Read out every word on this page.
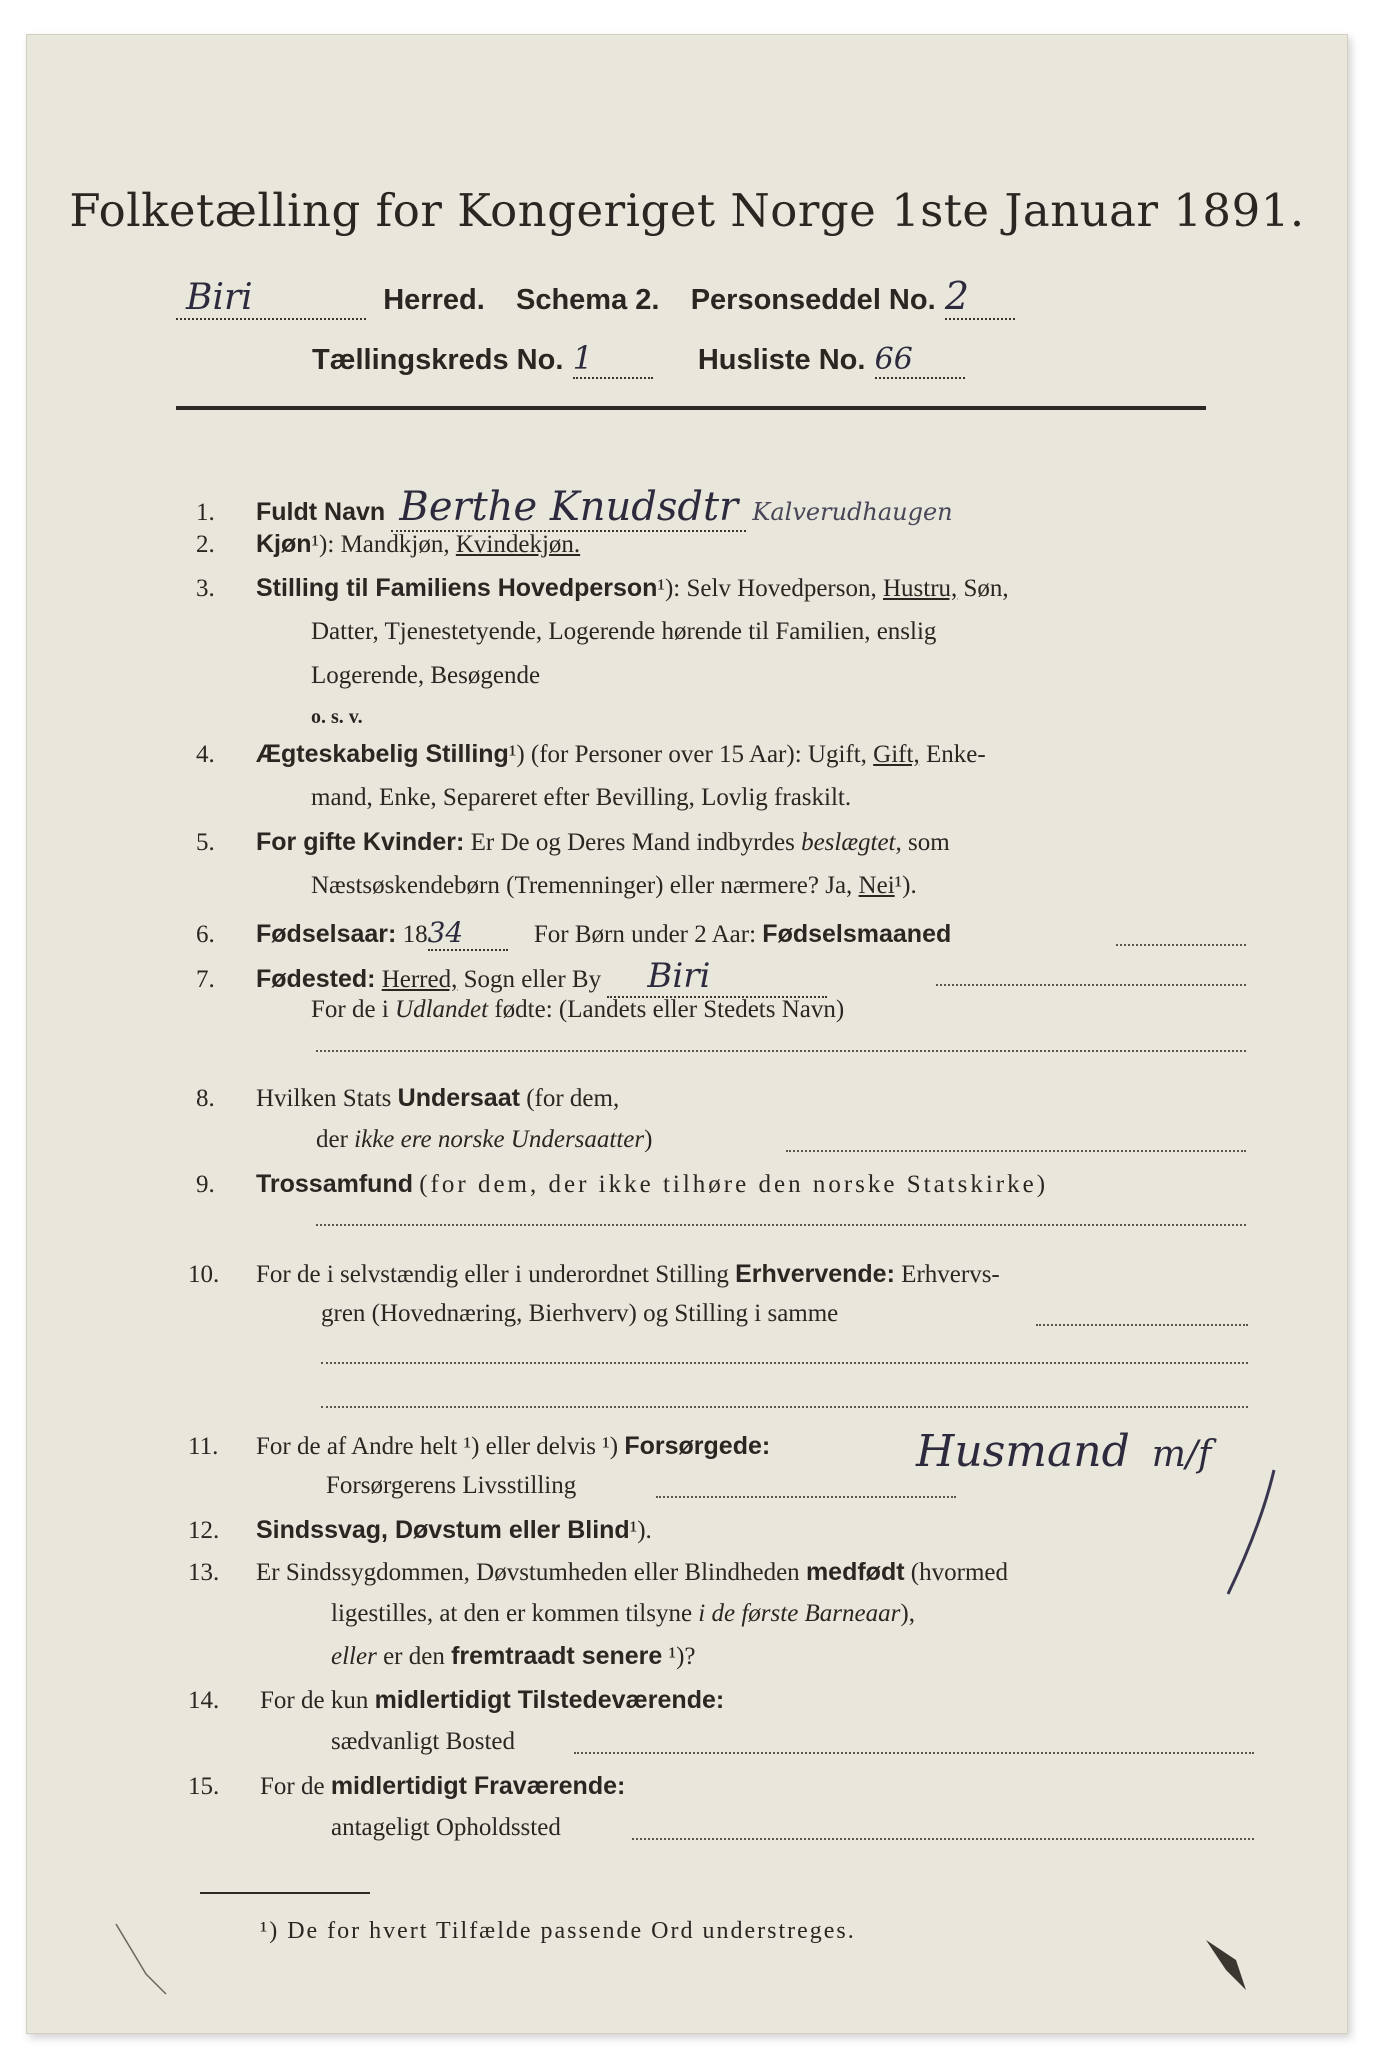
Folketælling for Kongeriget Norge 1ste Januar 1891.
Biri	Herred. Schema 2. Personseddel No. 2
Tællingskreds No. 1	Husliste No. 66
1. Fuldt Navn Berthe Knudsdtr Kalverudhaugen
2. Kjøn¹): Mandkjøn, Kvindekjøn.
3. Stilling til Familiens Hovedperson¹): Selv Hovedperson, Hustru, Søn,
Datter, Tjenestetyende, Logerende hørende til Familien, enslig
Logerende, Besøgende
o. s. v.
4. Ægteskabelig Stilling¹) (for Personer over 15 Aar): Ugift, Gift, Enke-
mand, Enke, Separeret efter Bevilling, Lovlig fraskilt.
5. For gifte Kvinder: Er De og Deres Mand indbyrdes beslægtet, som
Næstsøskendebørn (Tremenninger) eller nærmere? Ja, Nei¹).
6. Fødselsaar: 1834	For Børn under 2 Aar: Fødselsmaaned
7. Fødested: Herred, Sogn eller By Biri
For de i Udlandet fødte: (Landets eller Stedets Navn)
8. Hvilken Stats Undersaat (for dem,
der ikke ere norske Undersaatter)
9. Trossamfund (for dem, der ikke tilhøre den norske Statskirke)
10. For de i selvstændig eller i underordnet Stilling Erhvervende: Erhvervs-
gren (Hovednæring, Bierhverv) og Stilling i samme
11. For de af Andre helt ¹) eller delvis ¹) Forsørgede:	Husmand m/f
Forsørgerens Livsstilling
12. Sindssvag, Døvstum eller Blind¹).
13. Er Sindssygdommen, Døvstumheden eller Blindheden medfødt (hvormed
ligestilles, at den er kommen tilsyne i de første Barneaar),
eller er den fremtraadt senere ¹)?
14. For de kun midlertidigt Tilstedeværende:
sædvanligt Bosted
15. For de midlertidigt Fraværende:
antageligt Opholdssted
¹) De for hvert Tilfælde passende Ord understreges.
